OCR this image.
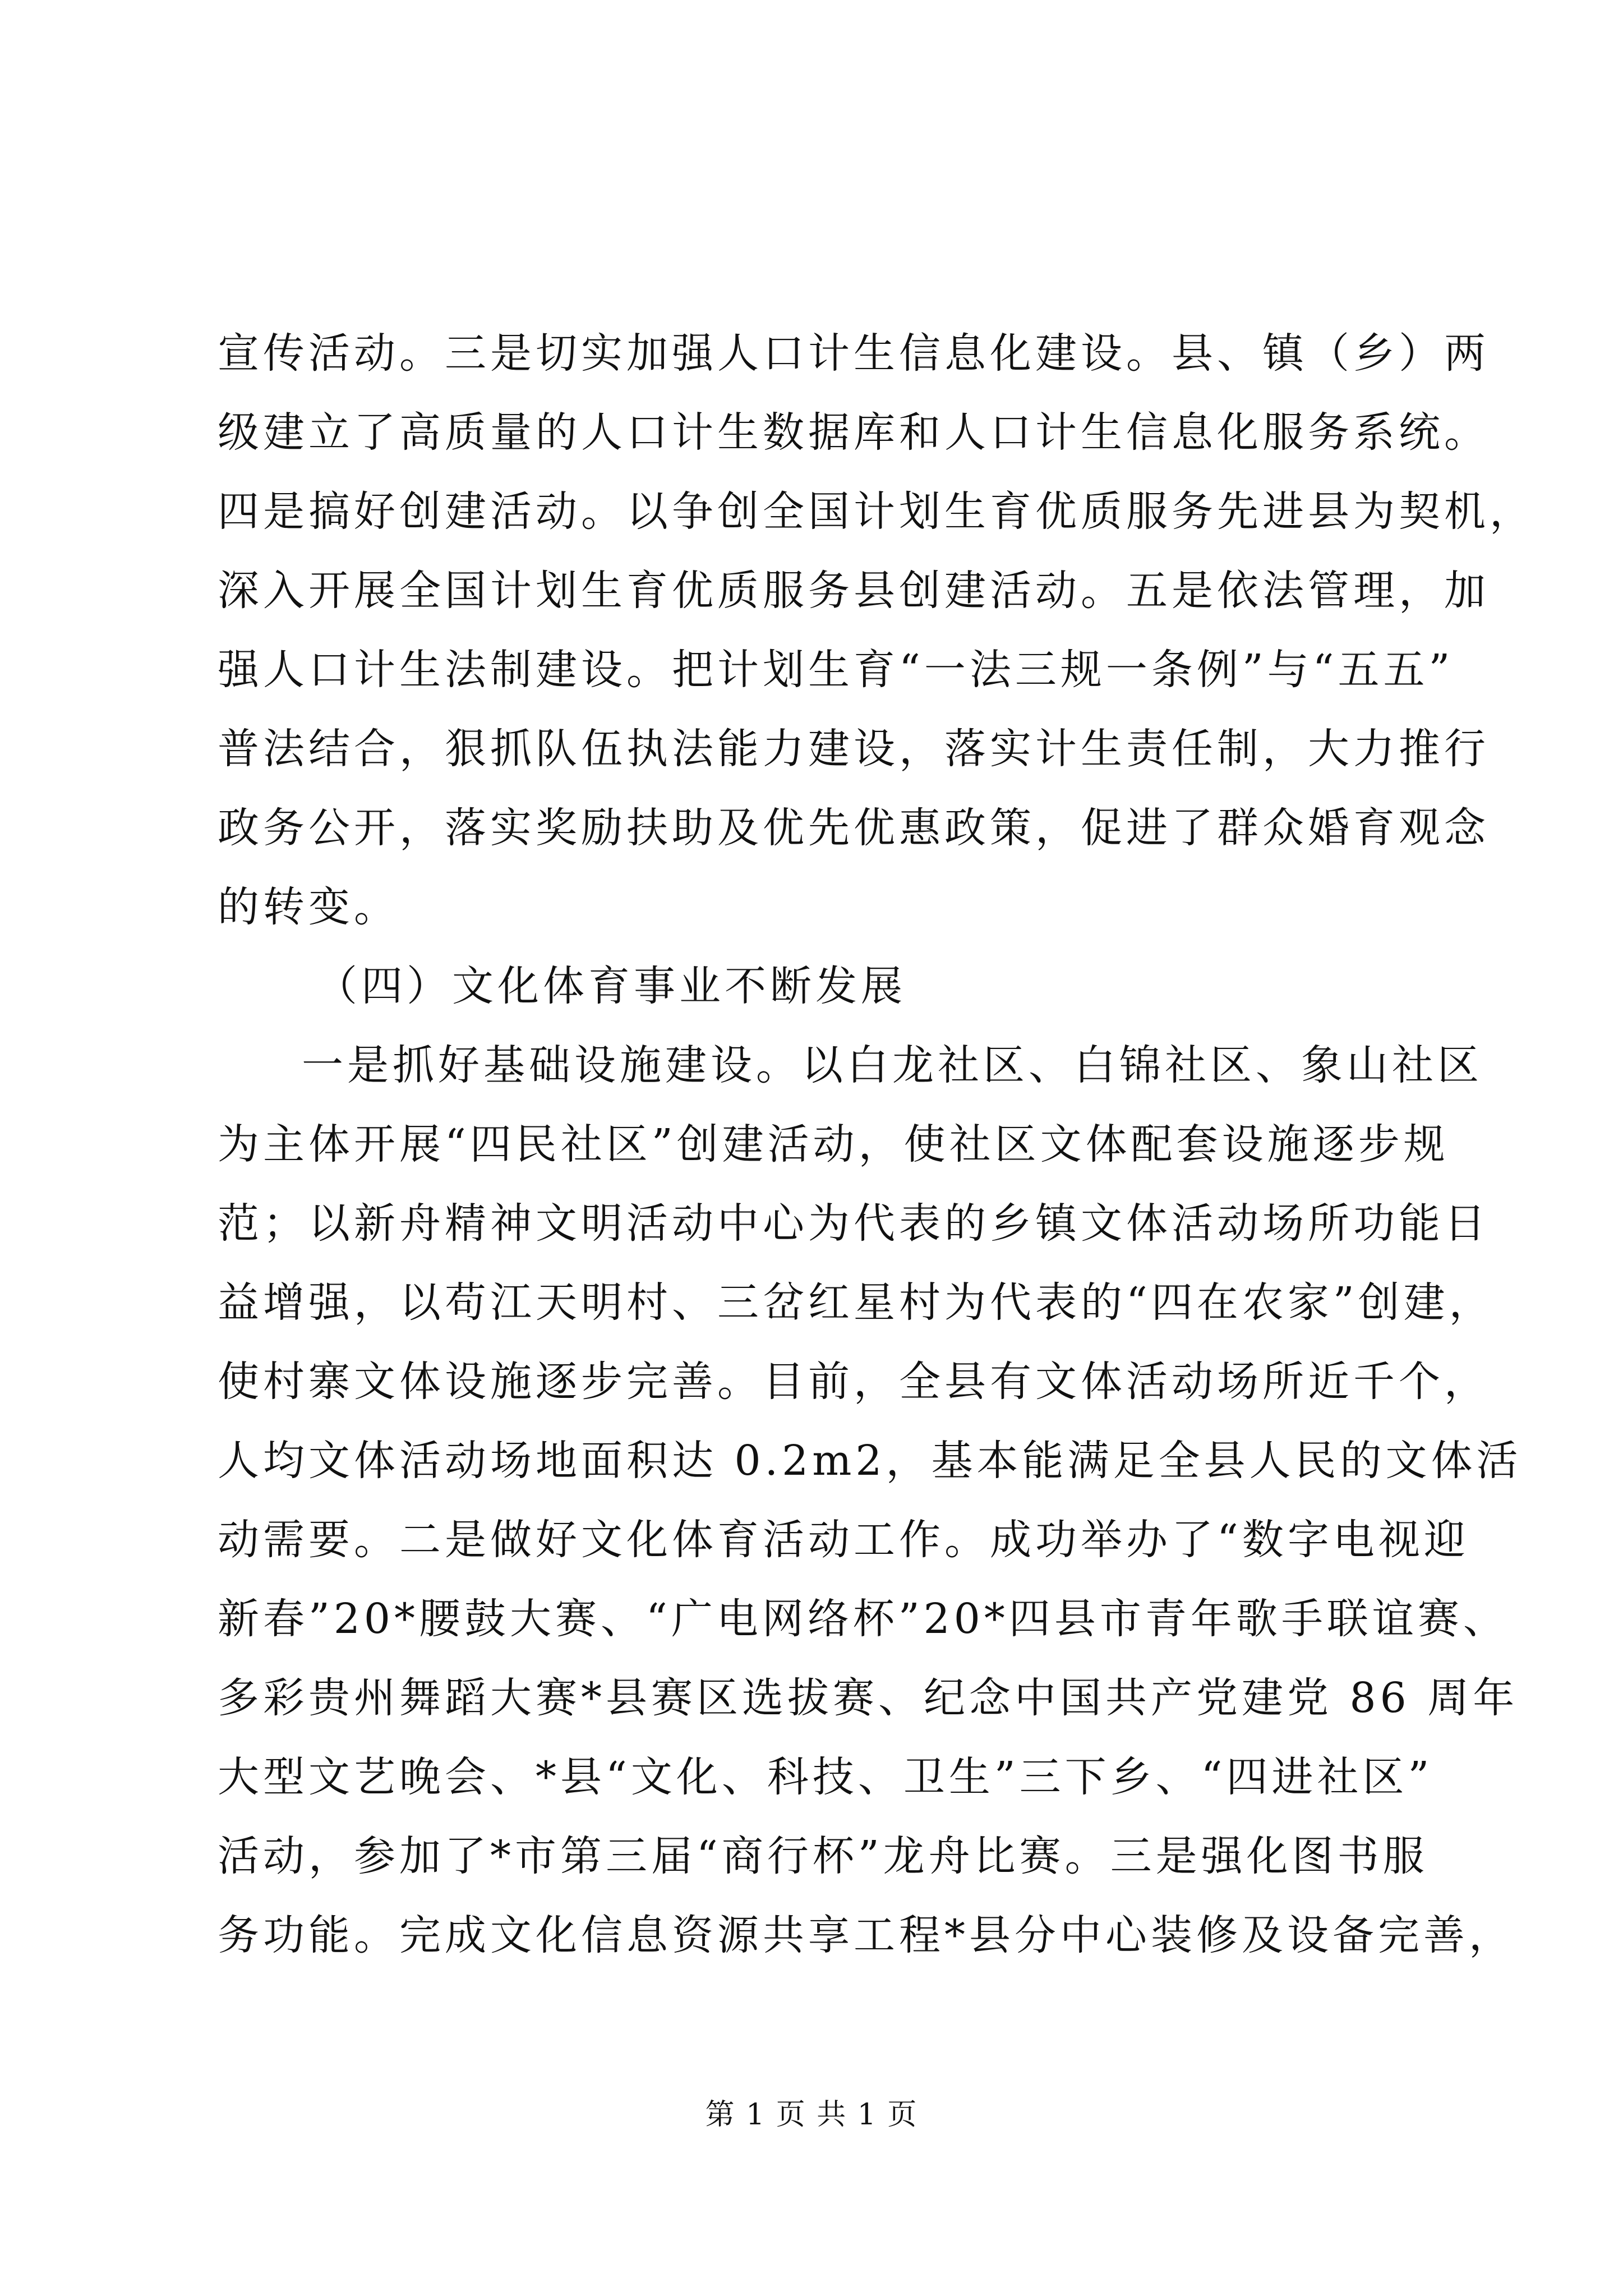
宣传活动。三是切实加强人口计生信息化建设。县、镇（乡）两
级建立了高质量的人口计生数据库和人口计生信息化服务系统。
四是搞好创建活动。以争创全国计划生育优质服务先进县为契机，
深入开展全国计划生育优质服务县创建活动。五是依法管理，加
强人口计生法制建设。把计划生育“一法三规一条例”与“五五”
普法结合，狠抓队伍执法能力建设，落实计生责任制，大力推行
政务公开，落实奖励扶助及优先优惠政策，促进了群众婚育观念
的转变。
（四）文化体育事业不断发展
一是抓好基础设施建设。以白龙社区、白锦社区、象山社区
为主体开展“四民社区”创建活动，使社区文体配套设施逐步规
范；以新舟精神文明活动中心为代表的乡镇文体活动场所功能日
益增强，以苟江天明村、三岔红星村为代表的“四在农家”创建，
使村寨文体设施逐步完善。目前，全县有文体活动场所近千个，
人均文体活动场地面积达 0.2m2，基本能满足全县人民的文体活
动需要。二是做好文化体育活动工作。成功举办了“数字电视迎
新春”20*腰鼓大赛、“广电网络杯”20*四县市青年歌手联谊赛、
多彩贵州舞蹈大赛*县赛区选拔赛、纪念中国共产党建党 86 周年
大型文艺晚会、*县“文化、科技、卫生”三下乡、“四进社区”
活动，参加了*市第三届“商行杯”龙舟比赛。三是强化图书服
务功能。完成文化信息资源共享工程*县分中心装修及设备完善，
第 1 页 共 1 页
